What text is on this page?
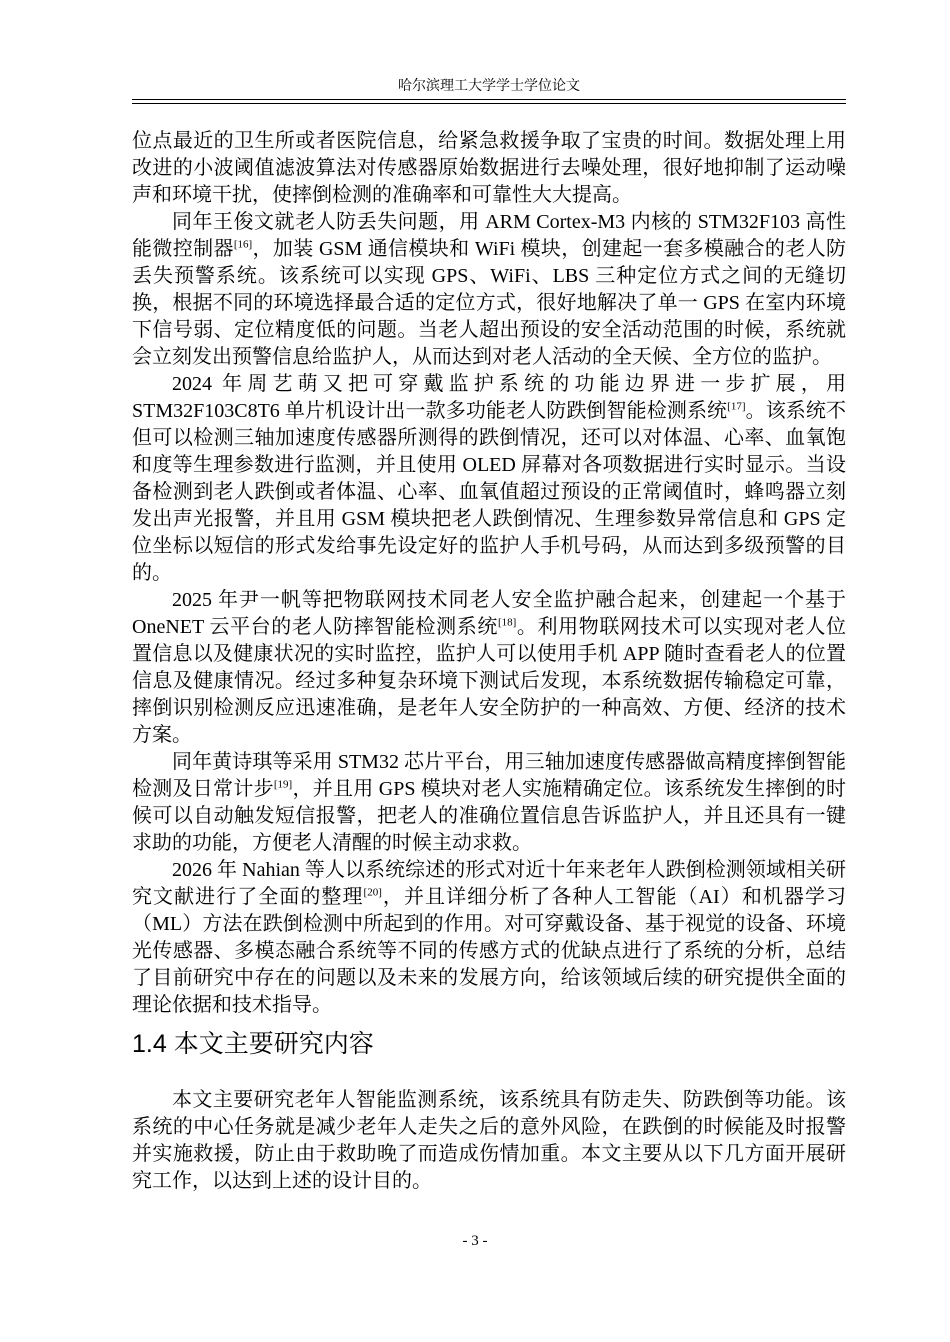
哈尔滨理工大学学士学位论文

位点最近的卫生所或者医院信息，给紧急救援争取了宝贵的时间。数据处理上用改进的小波阈值滤波算法对传感器原始数据进行去噪处理，很好地抑制了运动噪声和环境干扰，使摔倒检测的准确率和可靠性大大提高。

同年王俊文就老人防丢失问题，用 ARM Cortex-M3 内核的 STM32F103 高性能微控制器[16]，加装 GSM 通信模块和 WiFi 模块，创建起一套多模融合的老人防丢失预警系统。该系统可以实现 GPS、WiFi、LBS 三种定位方式之间的无缝切换，根据不同的环境选择最合适的定位方式，很好地解决了单一 GPS 在室内环境下信号弱、定位精度低的问题。当老人超出预设的安全活动范围的时候，系统就会立刻发出预警信息给监护人，从而达到对老人活动的全天候、全方位的监护。

2024 年周艺萌又把可穿戴监护系统的功能边界进一步扩展，用 STM32F103C8T6 单片机设计出一款多功能老人防跌倒智能检测系统[17]。该系统不但可以检测三轴加速度传感器所测得的跌倒情况，还可以对体温、心率、血氧饱和度等生理参数进行监测，并且使用 OLED 屏幕对各项数据进行实时显示。当设备检测到老人跌倒或者体温、心率、血氧值超过预设的正常阈值时，蜂鸣器立刻发出声光报警，并且用 GSM 模块把老人跌倒情况、生理参数异常信息和 GPS 定位坐标以短信的形式发给事先设定好的监护人手机号码，从而达到多级预警的目的。

2025 年尹一帆等把物联网技术同老人安全监护融合起来，创建起一个基于 OneNET 云平台的老人防摔智能检测系统[18]。利用物联网技术可以实现对老人位置信息以及健康状况的实时监控，监护人可以使用手机 APP 随时查看老人的位置信息及健康情况。经过多种复杂环境下测试后发现，本系统数据传输稳定可靠，摔倒识别检测反应迅速准确，是老年人安全防护的一种高效、方便、经济的技术方案。

同年黄诗琪等采用 STM32 芯片平台，用三轴加速度传感器做高精度摔倒智能检测及日常计步[19]，并且用 GPS 模块对老人实施精确定位。该系统发生摔倒的时候可以自动触发短信报警，把老人的准确位置信息告诉监护人，并且还具有一键求助的功能，方便老人清醒的时候主动求救。

2026 年 Nahian 等人以系统综述的形式对近十年来老年人跌倒检测领域相关研究文献进行了全面的整理[20]，并且详细分析了各种人工智能（AI）和机器学习（ML）方法在跌倒检测中所起到的作用。对可穿戴设备、基于视觉的设备、环境光传感器、多模态融合系统等不同的传感方式的优缺点进行了系统的分析，总结了目前研究中存在的问题以及未来的发展方向，给该领域后续的研究提供全面的理论依据和技术指导。

1.4 本文主要研究内容

本文主要研究老年人智能监测系统，该系统具有防走失、防跌倒等功能。该系统的中心任务就是减少老年人走失之后的意外风险，在跌倒的时候能及时报警并实施救援，防止由于救助晚了而造成伤情加重。本文主要从以下几方面开展研究工作，以达到上述的设计目的。

- 3 -
